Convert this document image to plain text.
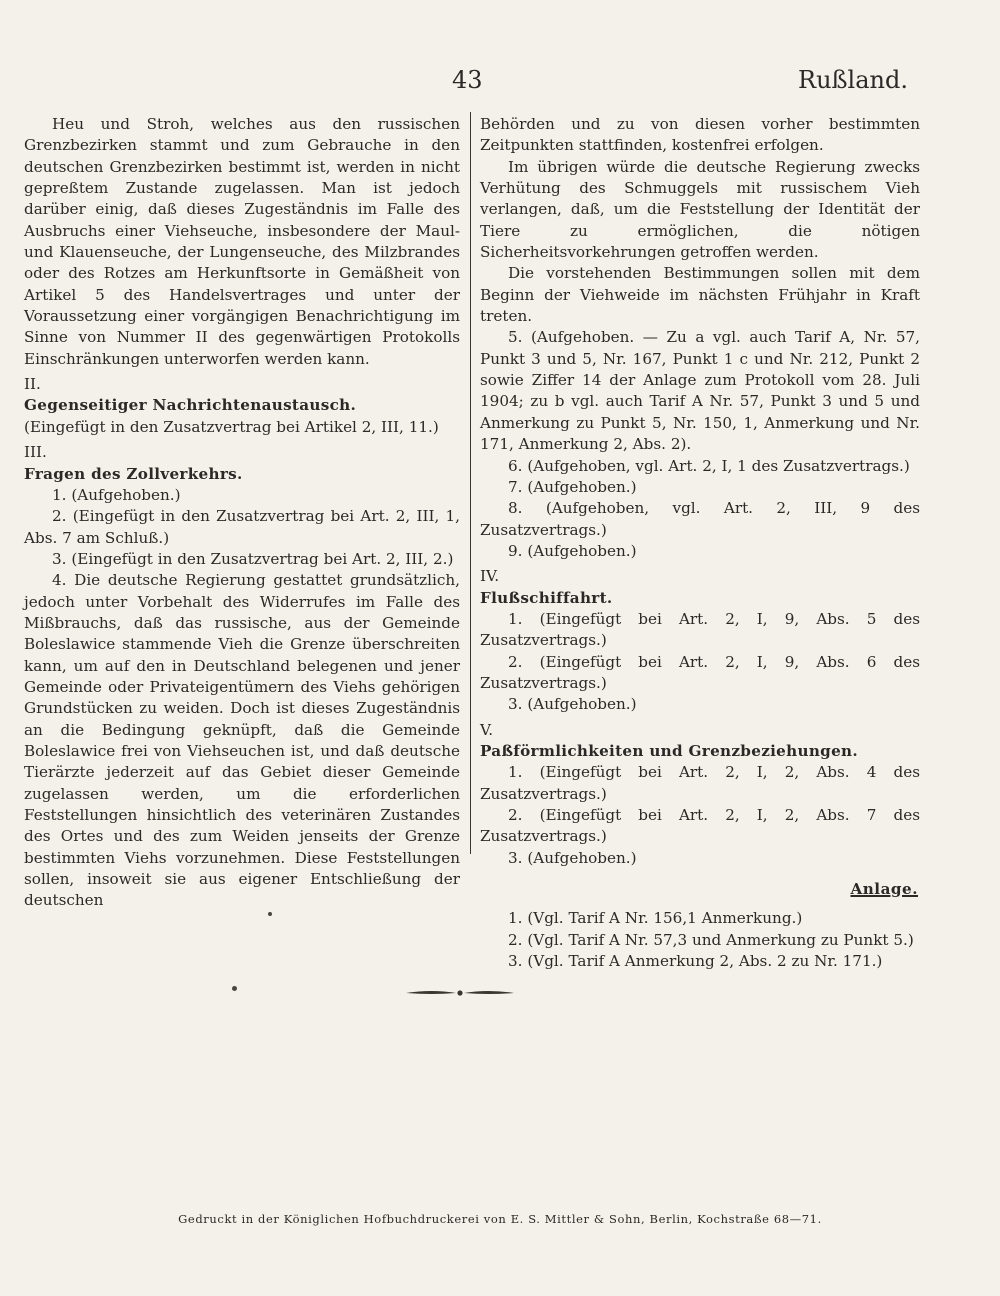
43	Rußland.

Heu und Stroh, welches aus den russischen Grenzbezirken stammt und zum Gebrauche in den deutschen Grenzbezirken bestimmt ist, werden in nicht gepreßtem Zustande zugelassen. Man ist jedoch darüber einig, daß dieses Zugeständnis im Falle des Ausbruchs einer Viehseuche, insbesondere der Maul- und Klauenseuche, der Lungenseuche, des Milzbrandes oder des Rotzes am Herkunftsorte in Gemäßheit von Artikel 5 des Handelsvertrages und unter der Voraussetzung einer vorgängigen Benachrichtigung im Sinne von Nummer II des gegenwärtigen Protokolls Einschränkungen unterworfen werden kann.

II.

Gegenseitiger Nachrichtenaustausch.

(Eingefügt in den Zusatzvertrag bei Artikel 2, III, 11.)

III.

Fragen des Zollverkehrs.

1. (Aufgehoben.)

2. (Eingefügt in den Zusatzvertrag bei Art. 2, III, 1, Abs. 7 am Schluß.)

3. (Eingefügt in den Zusatzvertrag bei Art. 2, III, 2.)

4. Die deutsche Regierung gestattet grundsätzlich, jedoch unter Vorbehalt des Widerrufes im Falle des Mißbrauchs, daß das russische, aus der Gemeinde Boleslawice stammende Vieh die Grenze überschreiten kann, um auf den in Deutschland belegenen und jener Gemeinde oder Privateigentümern des Viehs gehörigen Grundstücken zu weiden. Doch ist dieses Zugeständnis an die Bedingung geknüpft, daß die Gemeinde Boleslawice frei von Viehseuchen ist, und daß deutsche Tierärzte jederzeit auf das Gebiet dieser Gemeinde zugelassen werden, um die erforderlichen Feststellungen hinsichtlich des veterinären Zustandes des Ortes und des zum Weiden jenseits der Grenze bestimmten Viehs vorzunehmen. Diese Feststellungen sollen, insoweit sie aus eigener Entschließung der deutschen

Behörden und zu von diesen vorher bestimmten Zeitpunkten stattfinden, kostenfrei erfolgen.

Im übrigen würde die deutsche Regierung zwecks Verhütung des Schmuggels mit russischem Vieh verlangen, daß, um die Feststellung der Identität der Tiere zu ermöglichen, die nötigen Sicherheitsvorkehrungen getroffen werden.

Die vorstehenden Bestimmungen sollen mit dem Beginn der Viehweide im nächsten Frühjahr in Kraft treten.

5. (Aufgehoben. — Zu a vgl. auch Tarif A, Nr. 57, Punkt 3 und 5, Nr. 167, Punkt 1 c und Nr. 212, Punkt 2 sowie Ziffer 14 der Anlage zum Protokoll vom 28. Juli 1904; zu b vgl. auch Tarif A Nr. 57, Punkt 3 und 5 und Anmerkung zu Punkt 5, Nr. 150, 1, Anmerkung und Nr. 171, Anmerkung 2, Abs. 2).

6. (Aufgehoben, vgl. Art. 2, I, 1 des Zusatzvertrags.)

7. (Aufgehoben.)

8. (Aufgehoben, vgl. Art. 2, III, 9 des Zusatzvertrags.)

9. (Aufgehoben.)

IV.

Flußschiffahrt.

1. (Eingefügt bei Art. 2, I, 9, Abs. 5 des Zusatzvertrags.)

2. (Eingefügt bei Art. 2, I, 9, Abs. 6 des Zusatzvertrags.)

3. (Aufgehoben.)

V.

Paßförmlichkeiten und Grenzbeziehungen.

1. (Eingefügt bei Art. 2, I, 2, Abs. 4 des Zusatzvertrags.)

2. (Eingefügt bei Art. 2, I, 2, Abs. 7 des Zusatzvertrags.)

3. (Aufgehoben.)

Anlage.

1. (Vgl. Tarif A Nr. 156,1 Anmerkung.)

2. (Vgl. Tarif A Nr. 57,3 und Anmerkung zu Punkt 5.)

3. (Vgl. Tarif A Anmerkung 2, Abs. 2 zu Nr. 171.)

Gedruckt in der Königlichen Hofbuchdruckerei von E. S. Mittler & Sohn, Berlin, Kochstraße 68—71.
